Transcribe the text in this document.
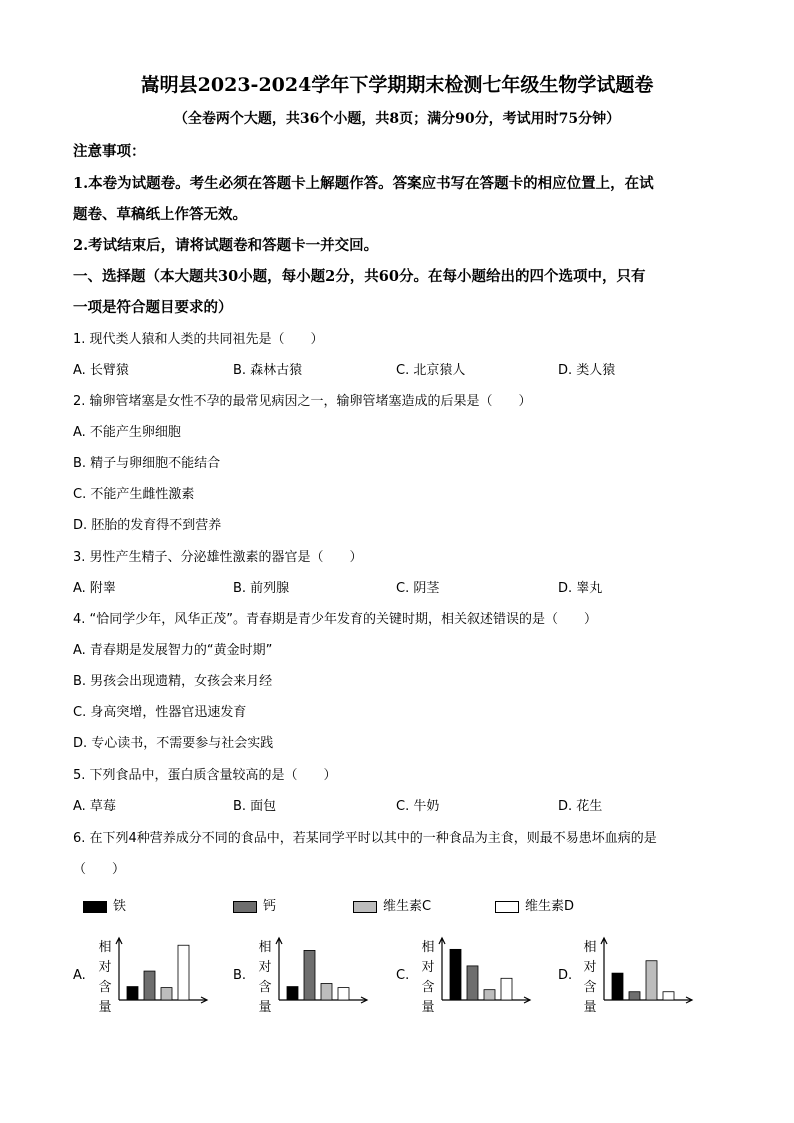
嵩明县2023-2024学年下学期期末检测七年级生物学试题卷
（全卷两个大题，共36个小题，共8页；满分90分，考试用时75分钟）
注意事项：
1.本卷为试题卷。考生必须在答题卡上解题作答。答案应书写在答题卡的相应位置上，在试
题卷、草稿纸上作答无效。
2.考试结束后，请将试题卷和答题卡一并交回。
一、选择题（本大题共30小题，每小题2分，共60分。在每小题给出的四个选项中，只有
一项是符合题目要求的）
1. 现代类人猿和人类的共同祖先是（　　）
A. 长臂猿	B. 森林古猿	C. 北京猿人	D. 类人猿
2. 输卵管堵塞是女性不孕的最常见病因之一，输卵管堵塞造成的后果是（　　）
A. 不能产生卵细胞
B. 精子与卵细胞不能结合
C. 不能产生雌性激素
D. 胚胎的发育得不到营养
3. 男性产生精子、分泌雄性激素的器官是（　　）
A. 附睾	B. 前列腺	C. 阴茎	D. 睾丸
4. “恰同学少年，风华正茂”。青春期是青少年发育的关键时期，相关叙述错误的是（　　）
A. 青春期是发展智力的“黄金时期”
B. 男孩会出现遗精，女孩会来月经
C. 身高突增，性器官迅速发育
D. 专心读书，不需要参与社会实践
5. 下列食品中，蛋白质含量较高的是（　　）
A. 草莓	B. 面包	C. 牛奶	D. 花生
6. 在下列4种营养成分不同的食品中，若某同学平时以其中的一种食品为主食，则最不易患坏血病的是
（　　）
铁	钙	维生素C	维生素D
A.
相
对
含
量
B.
相
对
含
量
C.
相
对
含
量
D.
相
对
含
量
